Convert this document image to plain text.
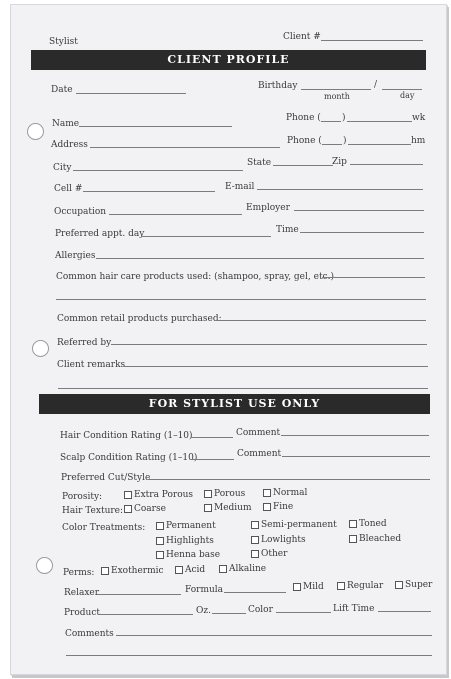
Stylist	Client #
CLIENT PROFILE
Date	Birthday	/
month	day
Name
Phone ( )	wk
Address	Phone ( )	hm
City	State	Zip
Cell #	E-mail
Occupation	Employer
Preferred appt. day	Time
Allergies
Common hair care products used: (shampoo, spray, gel, etc.)
Common retail products purchased:
Referred by
Client remarks
FOR STYLIST USE ONLY
Hair Condition Rating (1–10)	Comment
Scalp Condition Rating (1–10)	Comment
Preferred Cut/Style
Porosity:	Extra Porous Porous	Normal
Hair Texture: Coarse	Medium Fine
Color Treatments: Permanent	Semi-permanent Toned
Highlights	Lowlights	Bleached
Henna base	Other
Perms: Exothermic Acid	Alkaline
Relaxer	Formula	Mild	Regular Super
Product	Oz.	Color	Lift Time
Comments
